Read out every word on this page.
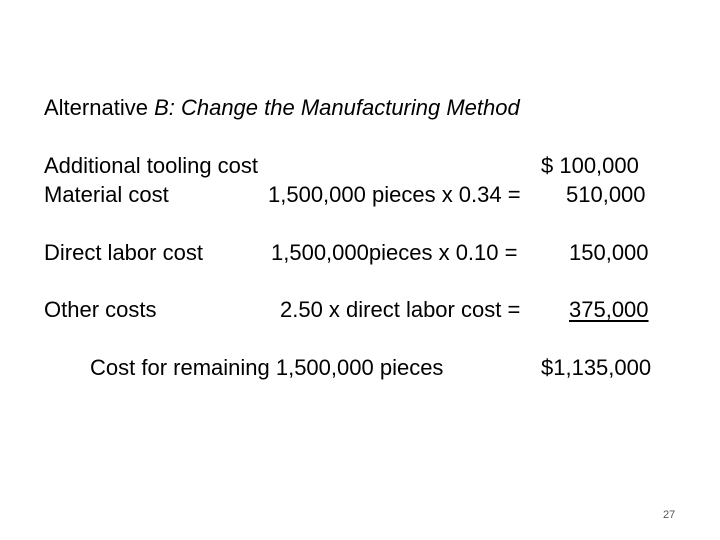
Alternative B: Change the Manufacturing Method
Additional tooling cost	$ 100,000
Material cost	1,500,000 pieces x 0.34 = 510,000
Direct labor cost	1,500,000pieces x 0.10 = 150,000
Other costs	2.50 x direct labor cost = 375,000
Cost for remaining 1,500,000 pieces	$1,135,000
27
